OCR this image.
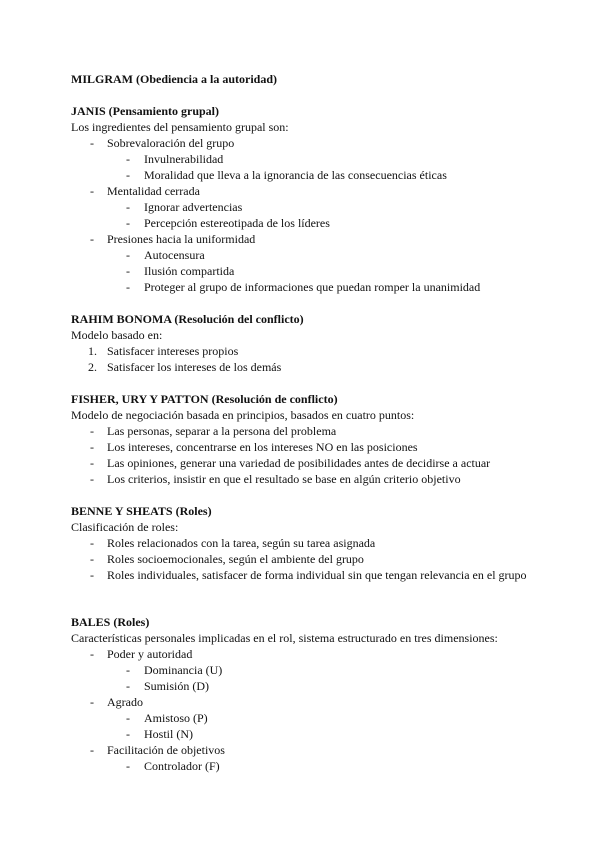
MILGRAM (Obediencia a la autoridad)
JANIS (Pensamiento grupal)
Los ingredientes del pensamiento grupal son:
- Sobrevaloración del grupo
- Invulnerabilidad
- Moralidad que lleva a la ignorancia de las consecuencias éticas
- Mentalidad cerrada
- Ignorar advertencias
- Percepción estereotipada de los líderes
- Presiones hacia la uniformidad
- Autocensura
- Ilusión compartida
- Proteger al grupo de informaciones que puedan romper la unanimidad
RAHIM BONOMA (Resolución del conflicto)
Modelo basado en:
1. Satisfacer intereses propios
2. Satisfacer los intereses de los demás
FISHER, URY Y PATTON (Resolución de conflicto)
Modelo de negociación basada en principios, basados en cuatro puntos:
- Las personas, separar a la persona del problema
- Los intereses, concentrarse en los intereses NO en las posiciones
- Las opiniones, generar una variedad de posibilidades antes de decidirse a actuar
- Los criterios, insistir en que el resultado se base en algún criterio objetivo
BENNE Y SHEATS (Roles)
Clasificación de roles:
- Roles relacionados con la tarea, según su tarea asignada
- Roles socioemocionales, según el ambiente del grupo
- Roles individuales, satisfacer de forma individual sin que tengan relevancia en el grupo
BALES (Roles)
Características personales implicadas en el rol, sistema estructurado en tres dimensiones:
- Poder y autoridad
- Dominancia (U)
- Sumisión (D)
- Agrado
- Amistoso (P)
- Hostil (N)
- Facilitación de objetivos
- Controlador (F)
